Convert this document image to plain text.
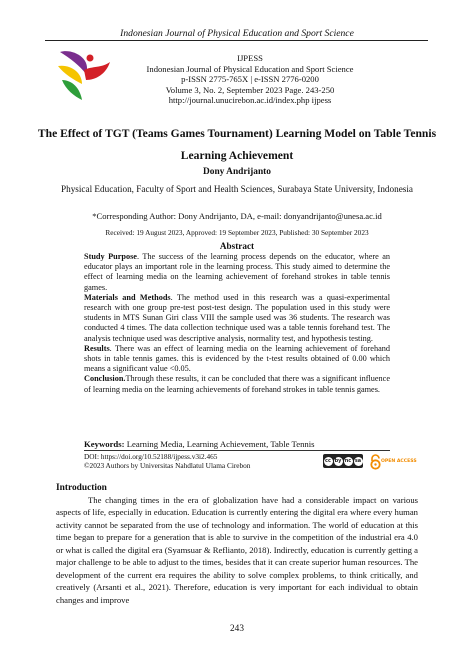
Indonesian Journal of Physical Education and Sport Science
IJPESS
Indonesian Journal of Physical Education and Sport Science
p-ISSN 2775-765X | e-ISSN 2776-0200
Volume 3, No. 2, September 2023 Page. 243-250
http://journal.unucirebon.ac.id/index.php ijpess
The Effect of TGT (Teams Games Tournament) Learning Model on Table Tennis Learning Achievement
Dony Andrijanto
Physical Education, Faculty of Sport and Health Sciences, Surabaya State University, Indonesia
*Corresponding Author: Dony Andrijanto, DA, e-mail: donyandrijanto@unesa.ac.id
Received: 19 August 2023, Approved: 19 September 2023, Published: 30 September 2023
Abstract

Study Purpose. The success of the learning process depends on the educator, where an educator plays an important role in the learning process. This study aimed to determine the effect of learning media on the learning achievement of forehand strokes in table tennis games.

Materials and Methods. The method used in this research was a quasi-experimental research with one group pre-test post-test design. The population used in this study were students in MTS Sunan Giri class VIII the sample used was 36 students. The research was conducted 4 times. The data collection technique used was a table tennis forehand test. The analysis technique used was descriptive analysis, normality test, and hypothesis testing.

Results. There was an effect of learning media on the learning achievement of forehand shots in table tennis games. this is evidenced by the t-test results obtained of 0.00 which means a significant value <0.05.

Conclusion.Through these results, it can be concluded that there was a significant influence of learning media on the learning achievements of forehand strokes in table tennis games.

Keywords: Learning Media, Learning Achievement, Table Tennis
DOI: https://doi.org/10.52188/ijpess.v3i2.465
©2023 Authors by Universitas Nahdlatul Ulama Cirebon
cc by nc sa	OPEN ACCESS
Introduction

The changing times in the era of globalization have had a considerable impact on various aspects of life, especially in education. Education is currently entering the digital era where every human activity cannot be separated from the use of technology and information. The world of education at this time began to prepare for a generation that is able to survive in the competition of the industrial era 4.0 or what is called the digital era (Syamsuar & Reflianto, 2018). Indirectly, education is currently getting a major challenge to be able to adjust to the times, besides that it can create superior human resources. The development of the current era requires the ability to solve complex problems, to think critically, and creatively (Arsanti et al., 2021). Therefore, education is very important for each individual to obtain changes and improve

243
